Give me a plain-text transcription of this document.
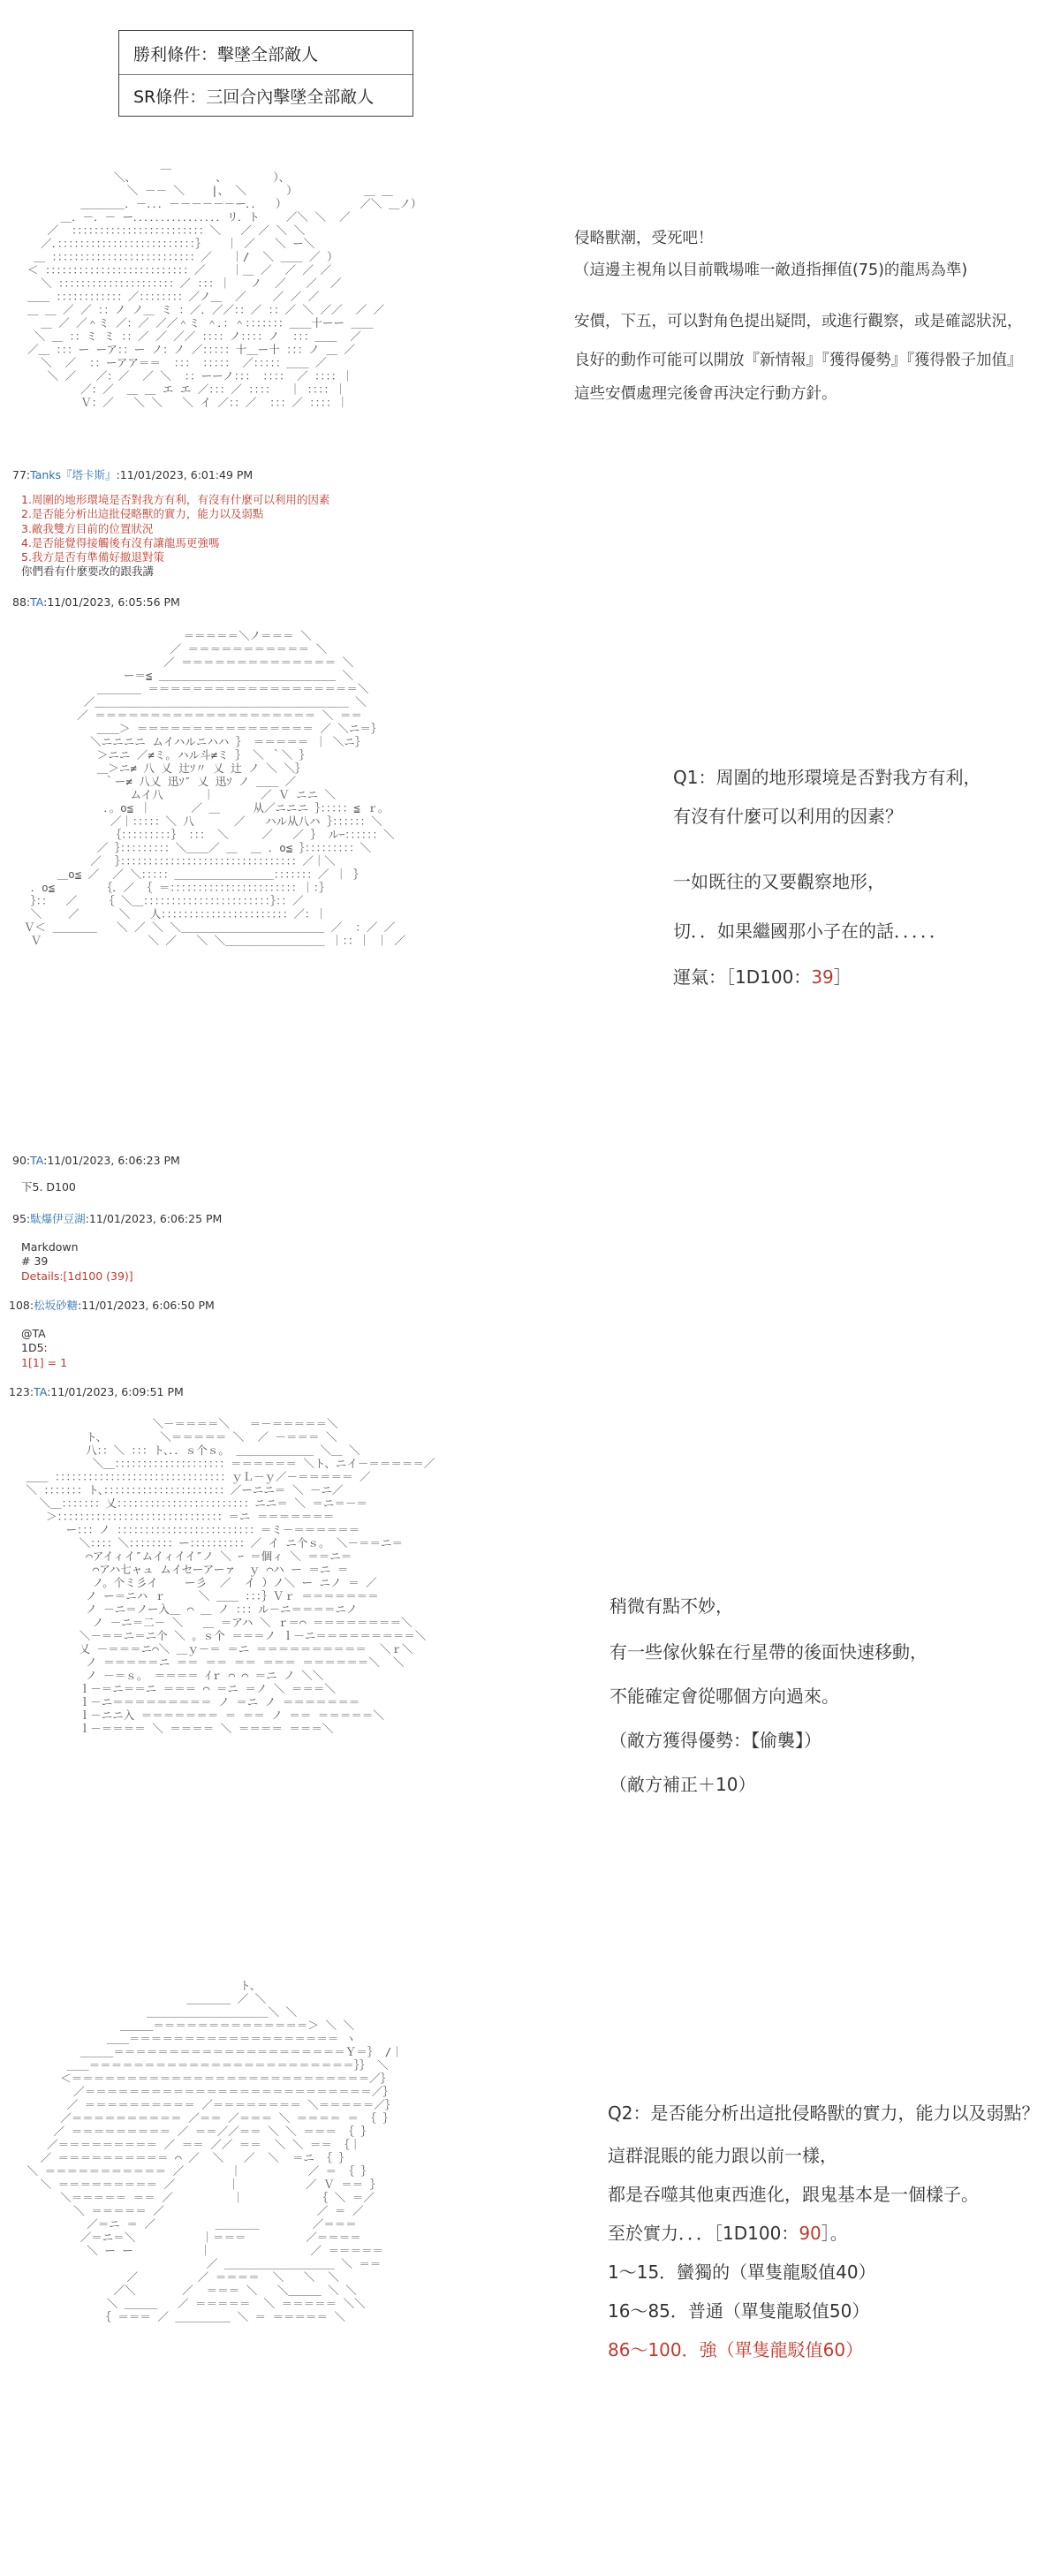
勝利條件：擊墜全部敵人
SR條件：三回合內擊墜全部敵人
＿
＼、            、       ）、
＼ －－ ＼    |、 ＼      ）          ＿ ＿
＿＿＿＿．－．．．－－－－－－ー．．  ）           ／＼ ＿ノ）
＿．－．－ ー．．．．．．．．．．．．．．．．リ．ト    ／＼ ＼  ／
／  ：：：：：：：：：：：：：：：：：：：：：：：：＼   ／ ／ ＼ ＼
／．：：：：：：：：：：：：：：：：：：：：：：：：：｝   ｜ ／   ＼ ー＼
＿ ：：：：：：：：：：：：：：：：：：：：：：：：：：／   ｜/  ＼ ＿＿ ／ ）
＜ ：：：：：：：：：：：：：：：：：：：：：：：：：：／    ｜＿ ／  ／ ／ ／
＼ ：：：：：：：：：：：：：：：：：：：：：／ ：：：｜   ノ  ／   ／  ／
＿＿ ：：：：：：：：：：：：／：：：：：：：：／ノ＿  ／    ／ ／ ／
＿ ＿ ／ ／ ：：ノ ノ＿ ミ ：／．／／：：／ ：：／ ＼ ／／  ／ ／
＿ ／ ／＾ミ ／：／ ／／＾ミ ＾．：＾：：：：：：：＿＿十ーー ＿＿
＼ ＿ ：：ミ ミ ：：／ ／ ／／ ：：：：ノ：：：：ノ  ：：：＿＿  ／
／＿ ：：：ー ーア：：ー ノ：ノ ／：：：：：十＿ー十 ：：：ノ ＿ ／
＼  ／  ：：ーアア＝＝  ：：： ：：：：： ／：：：：：＿＿ ／
＼ ／   ／：／  ／ ＼  ：：ーーノ：：： ：：：： ／ ：：：：｜
／：／  ＿ ＿ エ エ ／：：：／ ：：：：  ｜ ：：：：｜
Ｖ：／   ＼ ＼   ＼ イ ／：：／  ：：：／ ：：：：｜
侵略獸潮，受死吧！
（這邊主視角以目前戰場唯一敵逍指揮值(75)的龍馬為準)
安價，下五，可以對角色提出疑問，或進行觀察，或是確認狀況，
良好的動作可能可以開放『新情報』『獲得優勢』『獲得骰子加值』
這些安價處理完後會再決定行動方針。
77:Tanks『塔卡斯』:11/01/2023, 6:01:49 PM
1.周圍的地形環境是否對我方有利，有沒有什麼可以利用的因素
2.是否能分析出這批侵略獸的實力，能力以及弱點
3.敵我雙方目前的位置狀況
4.是否能覺得接觸後有沒有讓龍馬更強嗎
5.我方是否有準備好撤退對策
你們看有什麼要改的跟我講
88:TA:11/01/2023, 6:05:56 PM
＝＝＝＝＝＼ノ＝＝＝ ＼
／ ＝＝＝＝＝＝＝＝＝＝＝ ＼
／ ＝＝＝＝＝＝＝＝＝＝＝＝＝＝ ＼
ー＝≦ ＿＿＿＿＿＿＿＿＿＿＿＿＿＿＿＿ ＼
＿＿＿＿ ＝＝＝＝＝＝＝＝＝＝＝＝＝＝＝＝＝＝＝＼
／＿＿＿＿＿＿＿＿＿＿＿＿＿＿＿＿＿＿＿＿＿＿＿ ＼
／ ＝＝＝＝＝＝＝＝＝＝＝＝＝＝＝＝＝＝＝＝ ＼ ＝＝
＿＿＞ ＝＝＝＝＝＝＝＝＝＝＝＝＝＝＝＝ ／ ＼ニ＝｝
＼ニニニニ ムイハルニハハ ｝ ＝＝＝＝＝ ｜ ＼ニ｝
＞ニニ ／≠ミ｡ ハル斗≠ミ ｝ ＼ ｀＼ ｝
＿＞ニ≠ 八 乂 辻ｿ〃 乂 辻 ノ ＼ ＼｝
｀ー≠ 八乂 迅ｿ″ 乂 迅ｿ ノ ＿＿ ／
ムイ八      ｜       ／ Ｖ ニニ ＼
．。o≦ ｜      ／ ＿     从／ニニニ ｝：：：：：≦ ｒ。
／｜：：：：：＼ 八      ／   ハル从八ハ ｝：：：：：：＼
｛：：：：：：：：：｝ ：：： ＼     ／   ／ ｝ ルｰ：：：：：：＼
／ ｝：：：：：：：：：＼＿＿／ ＿  ＿ ．o≦ ｝：：：：：：：：：＼
／  ｝：：：：：：：：：：：：：：：：：：：：：：：：：：：：：：：：／｜＼
＿o≦ ／  ／ ＼：：：：：＿＿＿＿＿＿＿＿＿：：：：：：：／ ｜ ｝
．o≦       ｛．／ ｛ ＝：：：：：：：：：：：：：：：：：：：：：：：｜：｝
｝：：  ／    ｛ ＼＿：：：：：：：：：：：：：：：：：：：：：：：｝：：／
＼    ／      ＼   人：：：：：：：：：：：：：：：：：：：：：：：／：｜
Ｖ＜ ＿＿＿＿   ＼ ／ ＼ ＼＿＿＿＿＿＿＿＿＿＿＿＿＿ ／  ：／ ／
Ｖ                ＼ ／   ＼ ＼＿＿＿＿＿＿＿＿＿ ｜：：｜ ｜ ／
Q1：周圍的地形環境是否對我方有利，
有沒有什麼可以利用的因素？
一如既往的又要觀察地形，
切．．如果繼國那小子在的話．．．．．
運氣：［1D100：39］
90:TA:11/01/2023, 6:06:23 PM
下5. D100
95:駄爆伊豆湖:11/01/2023, 6:06:25 PM
Markdown
# 39
Details:[1d100 (39)]
108:松坂砂糖:11/01/2023, 6:06:50 PM
@TA
1D5:
1[1] = 1
123:TA:11/01/2023, 6:09:51 PM
＼－＝＝＝＝＼   ＝－＝＝＝＝＝＼
ト、        ＼＝＝＝＝＝ ＼  ／ －＝＝＝ ＼
八：：＼ ：：：ト、．．ｓ个ｓ。 ＿＿＿＿＿＿＿ ＼＿ ＼
＼＿：：：：：：：：：：：：：：：：：：：：＝＝＝＝＝＝ ＼ト、ニイ－＝＝＝＝＝／
＿＿ ：：：：：：：：：：：：：：：：：：：：：：：：：：：：：：：ｙＬ－ｙ／－＝＝＝＝＝ ／
＼ ：：：：：：：ト、：：：：：：：：：：：：：：：：：：：：：：／ーニニ＝ ＼ －ニ／
＼＿：：：：：：：乂：：：：：：：：：：：：：：：：：：：：：：：：ニニ＝ ＼ ＝ニ＝－＝
＞：：：：：：：：：：：：：：：：：：：：：：：：：：：：：：＝ニ ＝＝＝＝＝＝＝
ー：：：ノ ：：：：：：：：：：：：：：：：：：：：：：：：：＝ミ－＝＝＝＝＝＝
＼：：：：＼：：：：：：：：ー：：：：：：：：：：／ イ ニ个ｓ。 ＼－＝＝ニ＝
⌒アイィイ″ムイィイイ″ノ ＼ ｰ ＝個ィ ＼ ＝＝ニ＝
⌒アハ七ャュ ムイセーアーァ  ｙ ⌒ハ ー ＝ニ ＝
ノ。个ミ彡イ    ー彡  ／  イ ）ノ＼ ー ニノ ＝ ／
ノ ー＝ニハ ｒ     ＼ ＿＿ ：：：｝Ｖｒ ＝＝＝＝＝＝＝
ノ －ニ＝ノー入＿ ⌒ ＿ ノ ：：：ル－ニ＝＝＝＝ニノ
ノ －ニ＝二－ ＼   ＿ ＝アハ ＼ ｒ＝⌒ ＝＝＝＝＝＝＝＝＼
＼－＝＝ニ＝ニ个 ＼ 。ｓ个 ＝＝＝ノ ｌ－ニ＝＝＝＝＝＝＝＝＝＼
乂 －＝＝＝ニ⌒＼ ＿ｙ－＝ ＝ニ ＝＝＝＝＝＝＝＝＝＝  ＼ｒ＼
ノ ＝＝＝＝＝ニ ＝＝ ＝＝ ＝＝ ＝＝＝ ＝＝＝＝＝＝＼  ＼
ノ －＝ｓ。 ＝＝＝＝ ｲｒ ⌒ ⌒ ＝ニ ノ ＼＼
ｌ－＝ニ＝＝ニ ＝＝＝ ⌒ ＝ニ ＝ノ ＼ ＝＝＝＼
ｌ－ニ＝＝＝＝＝＝＝＝＝ ノ ＝ニ ノ ＝＝＝＝＝＝＝
ｌ－ニニ入 ＝＝＝＝＝＝＝ ＝ ＝＝ ノ ＝＝ ＝＝＝＝＝＼
ｌ－＝＝＝＝ ＼ ＝＝＝＝ ＼ ＝＝＝＝ ＝＝＝＼
稍微有點不妙，
有一些傢伙躲在行星帶的後面快速移動，
不能確定會從哪個方向過來。
（敵方獲得優勢：【偷襲】）
（敵方補正＋10）
ト、
＿＿＿＿ ／ ＼
＿＿＿＿＿＿＿＿＿＿＿＼ ＼
＿＿＿＝＝＝＝＝＝＝＝＝＝＝＝＝＝＞ ＼ ＼
＿＿＝＝＝＝＝＝＝＝＝＝＝＝＝＝＝＝＝＝＝ ヽ
＿＿＿＝＝＝＝＝＝＝＝＝＝＝＝＝＝＝＝＝＝＝＝＝Ｙ＝｝ /｜
＿＿＝＝＝＝＝＝＝＝＝＝＝＝＝＝＝＝＝＝＝＝＝＝＝＝｝｝ ＼
＜＝＝＝＝＝＝＝＝＝＝＝＝＝＝＝＝＝＝＝＝＝＝＝＝＝＝＝／｝
／＝＝＝＝＝＝＝＝＝＝＝＝＝＝＝＝＝＝＝＝＝＝＝＝＝＝／｝
／ ＝＝＝＝＝＝＝＝＝＝ ／＝＝＝＝＝＝＝＝ ＼＝＝＝＝＝／｝
／＝＝＝＝＝＝＝＝＝＝ ／＝＝ ／＝＝＝ ＼ ＝＝＝＝ ＝ ｛ ｝
／ ＝＝＝＝＝＝＝＝＝ ／ ＝＝／／＝＝ ＼ ＼ ＝＝＝ ｛ ｝
／＝＝＝＝＝＝＝＝＝ ／ ＝＝ ／／ ＝＝  ＼ ＼ ＝＝ ｛｜
／ ＝＝＝＝＝＝＝＝＝＝ ⌒ ／  ＼   ／  ＼  ＝ニ ｛ ｝
＼ ＝＝＝＝＝＝＝＝＝＝＝ ／       ｜          ／ ＝ ｛ ｝
＼ ＝＝＝＝＝＝＝＝＝ ／        ｜          ／ Ｖ ＝＝ ｝
＼＝＝＝＝＝ ＝＝ ／         ｜           ｛ ＼ ＝／
＼ ＝＝＝＝＝ ／                       ／ ＝ ／
／＝ニ ＝ ／         ＿＿＿＿        ／＝＝＝
／＝ニ＝＼          ｜＝＝＝         ／＝＝＝＝
＼ ー ー          ｜               ／ ＝＝＝＝＝
／ ＿＿＿＿＿＿＿＿＿＿ ＼ ＝＝
／         ／ ＝＝＝＝  ＼   ＼  ＼
／＼       ／  ＝＝＝ ＼   ＼＿＿＿ ＼ ＼
＼ ＿＿＿   ／ ＝＝＝＝＝  ＼ ＝＝＝＝＝ ＼＼
｛ ＝＝＝ ／ ＿＿＿＿＿ ＼ ＝ ＝＝＝＝＝ ＼
Q2：是否能分析出這批侵略獸的實力，能力以及弱點？
這群混賬的能力跟以前一樣，
都是吞噬其他東西進化，跟鬼基本是一個樣子。
至於實力．．．［1D100：90］。
1～15．蠻獨的（單隻龍駁值40）
16～85．普通（單隻龍駁值50）
86～100．強（單隻龍駁值60）
